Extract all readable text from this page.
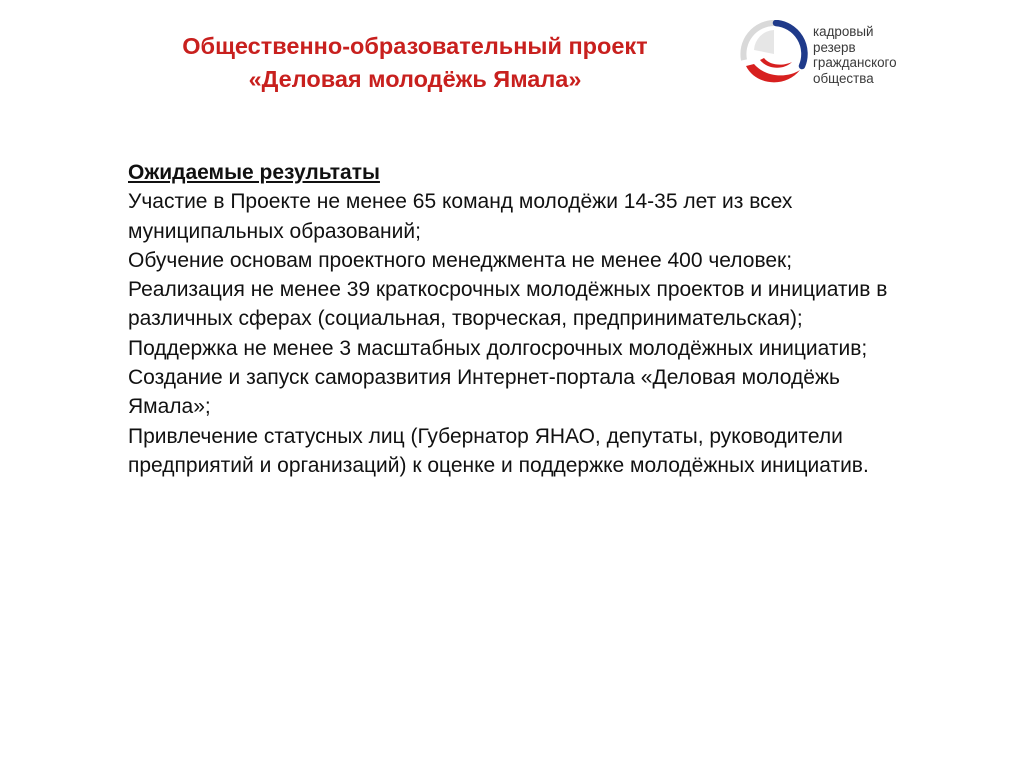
Общественно-образовательный проект
«Деловая молодёжь Ямала»
кадровый
резерв
гражданского
общества
Ожидаемые результаты
Участие в Проекте не менее 65 команд молодёжи 14-35 лет из всех муниципальных образований;
Обучение основам проектного менеджмента не менее 400 человек;
Реализация не менее 39 краткосрочных молодёжных проектов и инициатив в различных сферах (социальная, творческая, предпринимательская);
Поддержка не менее 3 масштабных долгосрочных молодёжных инициатив;
Создание и запуск саморазвития Интернет-портала «Деловая молодёжь Ямала»;
Привлечение статусных лиц (Губернатор ЯНАО, депутаты, руководители предприятий и организаций) к оценке и поддержке молодёжных инициатив.
